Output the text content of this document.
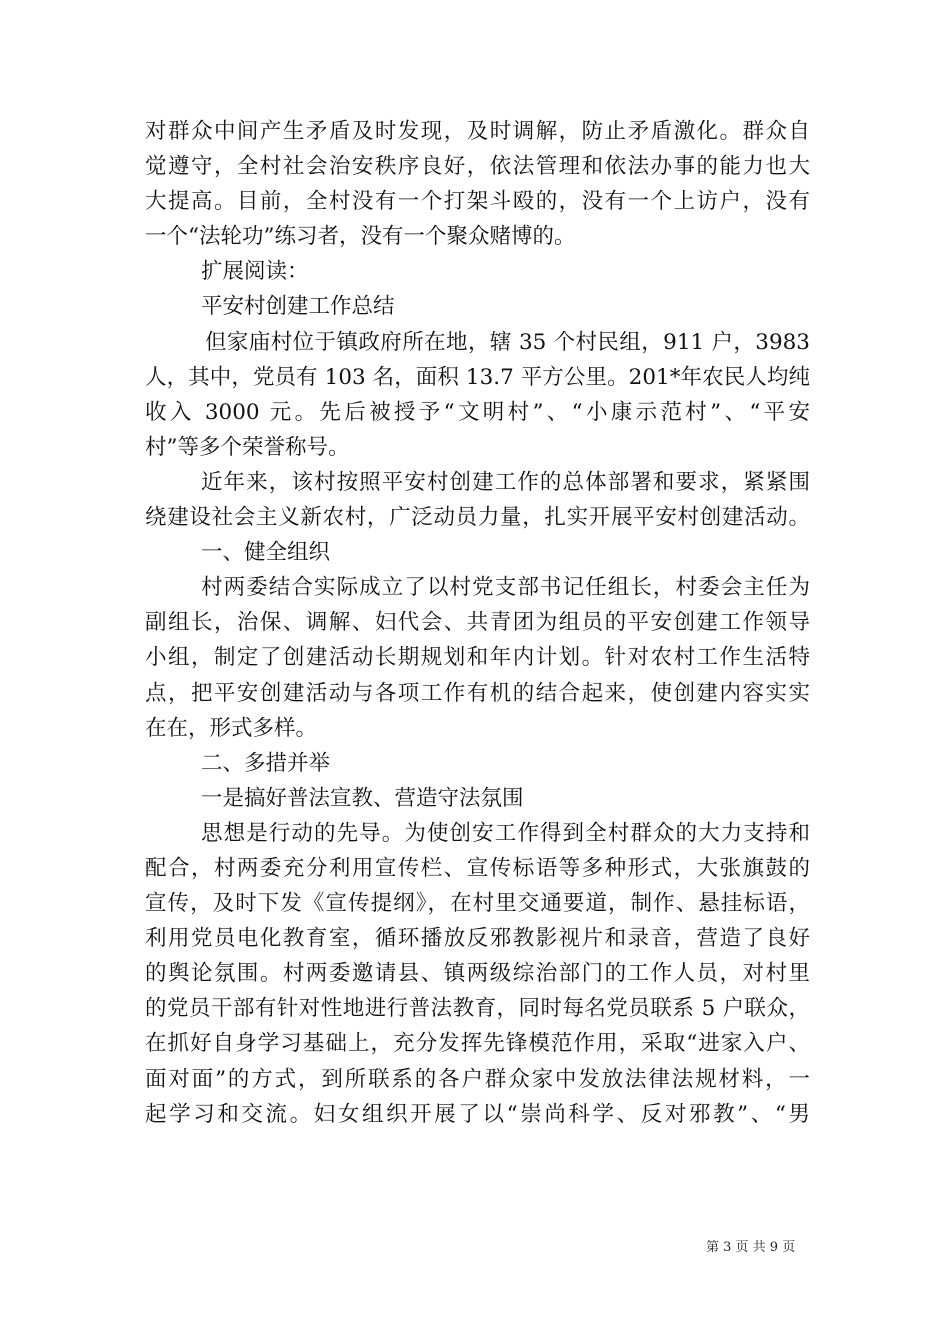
对群众中间产生矛盾及时发现，及时调解，防止矛盾激化。群众自
觉遵守，全村社会治安秩序良好，依法管理和依法办事的能力也大
大提高。目前，全村没有一个打架斗殴的，没有一个上访户，没有
一个“法轮功”练习者，没有一个聚众赌博的。
扩展阅读：
平安村创建工作总结
但家庙村位于镇政府所在地，辖 35 个村民组，911 户，3983
人，其中，党员有 103 名，面积 13.7 平方公里。201*年农民人均纯
收入 3000 元。先后被授予“文明村”、“小康示范村”、“平安
村”等多个荣誉称号。
近年来，该村按照平安村创建工作的总体部署和要求，紧紧围
绕建设社会主义新农村，广泛动员力量，扎实开展平安村创建活动。
一、健全组织
村两委结合实际成立了以村党支部书记任组长，村委会主任为
副组长，治保、调解、妇代会、共青团为组员的平安创建工作领导
小组，制定了创建活动长期规划和年内计划。针对农村工作生活特
点，把平安创建活动与各项工作有机的结合起来，使创建内容实实
在在，形式多样。
二、多措并举
一是搞好普法宣教、营造守法氛围
思想是行动的先导。为使创安工作得到全村群众的大力支持和
配合，村两委充分利用宣传栏、宣传标语等多种形式，大张旗鼓的
宣传，及时下发《宣传提纲》，在村里交通要道，制作、悬挂标语，
利用党员电化教育室，循环播放反邪教影视片和录音，营造了良好
的舆论氛围。村两委邀请县、镇两级综治部门的工作人员，对村里
的党员干部有针对性地进行普法教育，同时每名党员联系 5 户联众，
在抓好自身学习基础上，充分发挥先锋模范作用，采取“进家入户、
面对面”的方式，到所联系的各户群众家中发放法律法规材料，一
起学习和交流。妇女组织开展了以“崇尚科学、反对邪教”、“男
第 3 页 共 9 页
